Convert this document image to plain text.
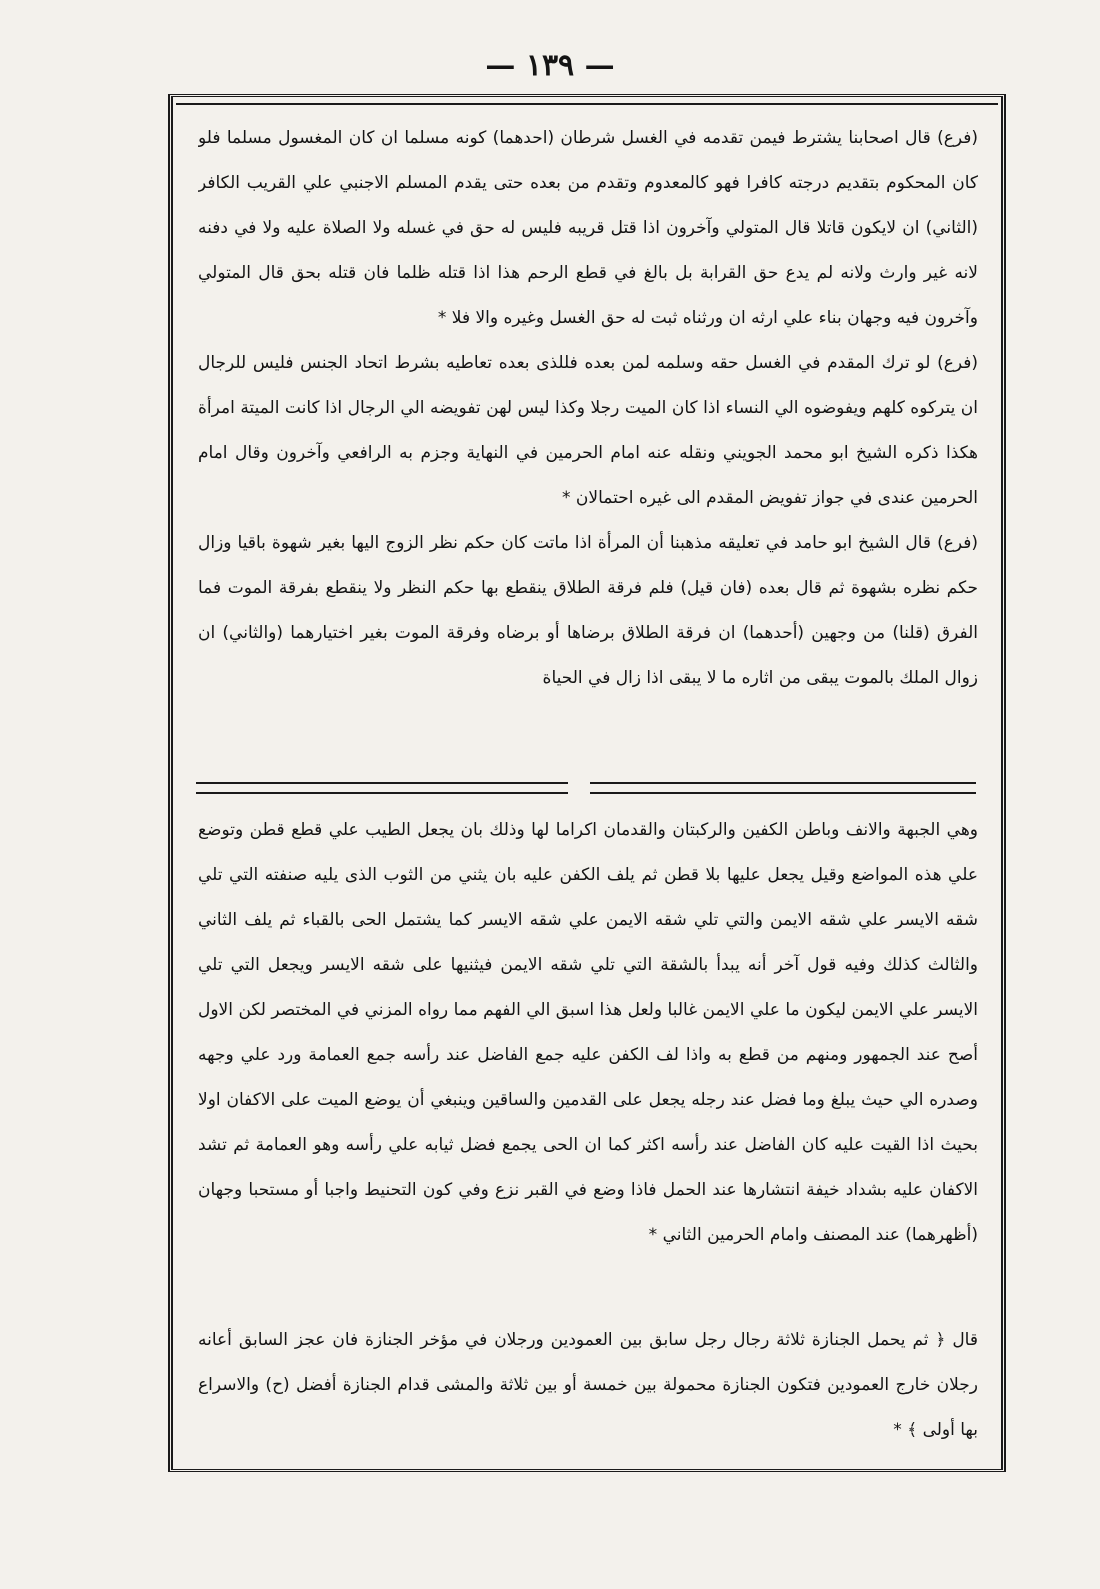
— ١٣٩ —

(فرع) قال اصحابنا يشترط فيمن تقدمه في الغسل شرطان (احدهما) كونه مسلما ان كان المغسول مسلما فلو كان المحكوم بتقديم درجته كافرا فهو كالمعدوم وتقدم من بعده حتى يقدم المسلم الاجنبي علي القريب الكافر (الثاني) ان لايكون قاتلا قال المتولي وآخرون اذا قتل قريبه فليس له حق في غسله ولا الصلاة عليه ولا في دفنه لانه غير وارث ولانه لم يدع حق القرابة بل بالغ في قطع الرحم هذا اذا قتله ظلما فان قتله بحق قال المتولي وآخرون فيه وجهان بناء علي ارثه ان ورثناه ثبت له حق الغسل وغيره والا فلا *

(فرع) لو ترك المقدم في الغسل حقه وسلمه لمن بعده فللذى بعده تعاطيه بشرط اتحاد الجنس فليس للرجال ان يتركوه كلهم ويفوضوه الي النساء اذا كان الميت رجلا وكذا ليس لهن تفويضه الي الرجال اذا كانت الميتة امرأة هكذا ذكره الشيخ ابو محمد الجويني ونقله عنه امام الحرمين في النهاية وجزم به الرافعي وآخرون وقال امام الحرمين عندى في جواز تفويض المقدم الى غيره احتمالان *

(فرع) قال الشيخ ابو حامد في تعليقه مذهبنا أن المرأة اذا ماتت كان حكم نظر الزوج اليها بغير شهوة باقيا وزال حكم نظره بشهوة ثم قال بعده (فان قيل) فلم فرقة الطلاق ينقطع بها حكم النظر ولا ينقطع بفرقة الموت فما الفرق (قلنا) من وجهين (أحدهما) ان فرقة الطلاق برضاها أو برضاه وفرقة الموت بغير اختيارهما (والثاني) ان زوال الملك بالموت يبقى من اثاره ما لا يبقى اذا زال في الحياة

وهي الجبهة والانف وباطن الكفين والركبتان والقدمان اكراما لها وذلك بان يجعل الطيب علي قطع قطن وتوضع علي هذه المواضع وقيل يجعل عليها بلا قطن ثم يلف الكفن عليه بان يثني من الثوب الذى يليه صنفته التي تلي شقه الايسر علي شقه الايمن والتي تلي شقه الايمن علي شقه الايسر كما يشتمل الحى بالقباء ثم يلف الثاني والثالث كذلك وفيه قول آخر أنه يبدأ بالشقة التي تلي شقه الايمن فيثنيها على شقه الايسر ويجعل التي تلي الايسر علي الايمن ليكون ما علي الايمن غالبا ولعل هذا اسبق الي الفهم مما رواه المزني في المختصر لكن الاول أصح عند الجمهور ومنهم من قطع به واذا لف الكفن عليه جمع الفاضل عند رأسه جمع العمامة ورد علي وجهه وصدره الي حيث يبلغ وما فضل عند رجله يجعل على القدمين والساقين وينبغي أن يوضع الميت على الاكفان اولا بحيث اذا القيت عليه كان الفاضل عند رأسه اكثر كما ان الحى يجمع فضل ثيابه علي رأسه وهو العمامة ثم تشد الاكفان عليه بشداد خيفة انتشارها عند الحمل فاذا وضع في القبر نزع وفي كون التحنيط واجبا أو مستحبا وجهان (أظهرهما) عند المصنف وامام الحرمين الثاني *

قال ﴿ ثم يحمل الجنازة ثلاثة رجال رجل سابق بين العمودين ورجلان في مؤخر الجنازة فان عجز السابق أعانه رجلان خارج العمودين فتكون الجنازة محمولة بين خمسة أو بين ثلاثة والمشى قدام الجنازة أفضل (ح) والاسراع بها أولى ﴾ *
